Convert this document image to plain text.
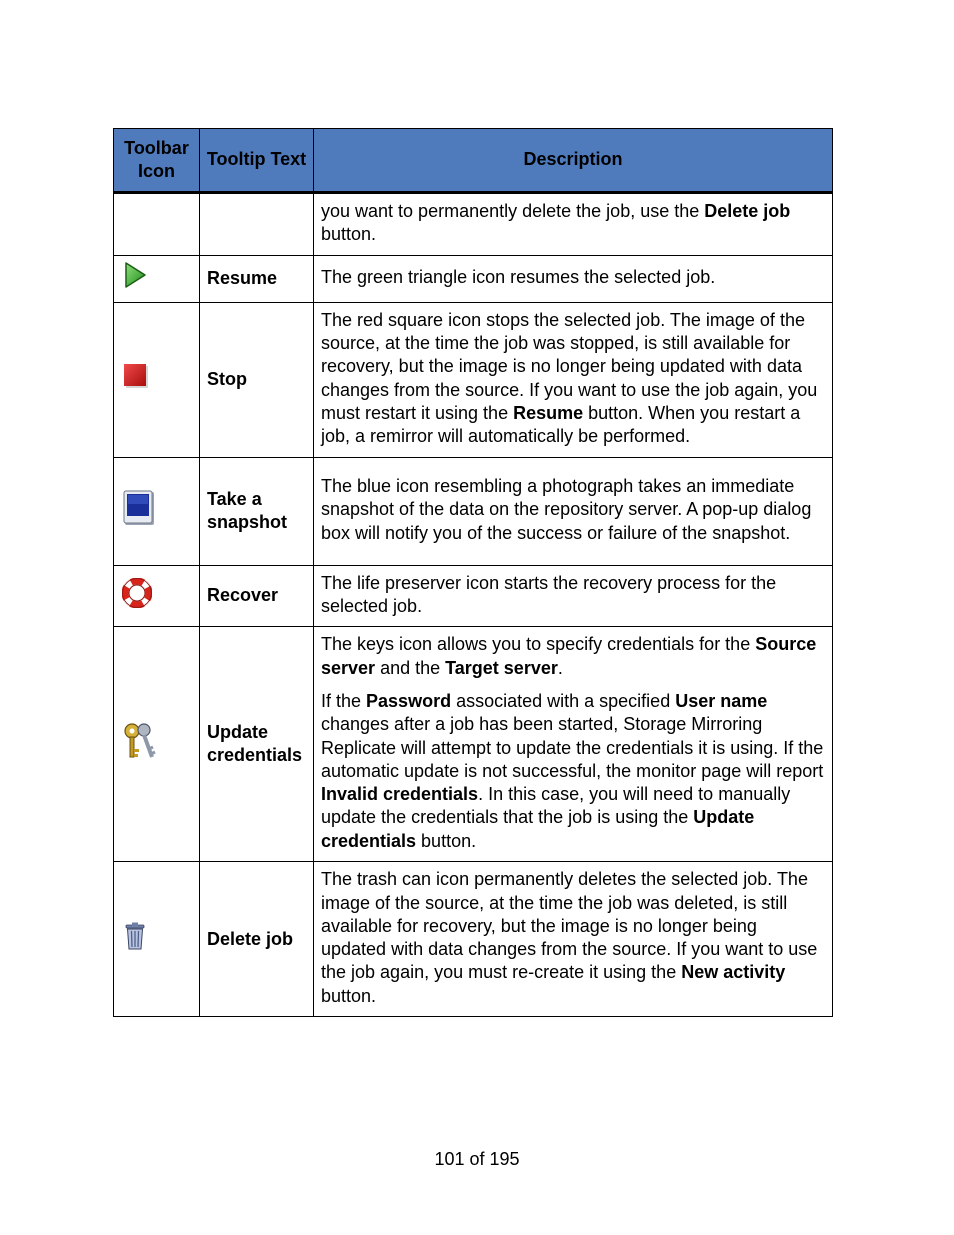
Toolbar Icon	Tooltip Text	Description

		you want to permanently delete the job, use the Delete job button.

	Resume	The green triangle icon resumes the selected job.

	Stop	The red square icon stops the selected job. The image of the source, at the time the job was stopped, is still available for recovery, but the image is no longer being updated with data changes from the source. If you want to use the job again, you must restart it using the Resume button. When you restart a job, a remirror will automatically be performed.

	Take a snapshot	The blue icon resembling a photograph takes an immediate snapshot of the data on the repository server. A pop-up dialog box will notify you of the success or failure of the snapshot.

	Recover	The life preserver icon starts the recovery process for the selected job.

	Update credentials	The keys icon allows you to specify credentials for the Source server and the Target server.

If the Password associated with a specified User name changes after a job has been started, Storage Mirroring Replicate will attempt to update the credentials it is using. If the automatic update is not successful, the monitor page will report Invalid credentials. In this case, you will need to manually update the credentials that the job is using the Update credentials button.

	Delete job	The trash can icon permanently deletes the selected job. The image of the source, at the time the job was deleted, is still available for recovery, but the image is no longer being updated with data changes from the source. If you want to use the job again, you must re-create it using the New activity button.

101 of 195
